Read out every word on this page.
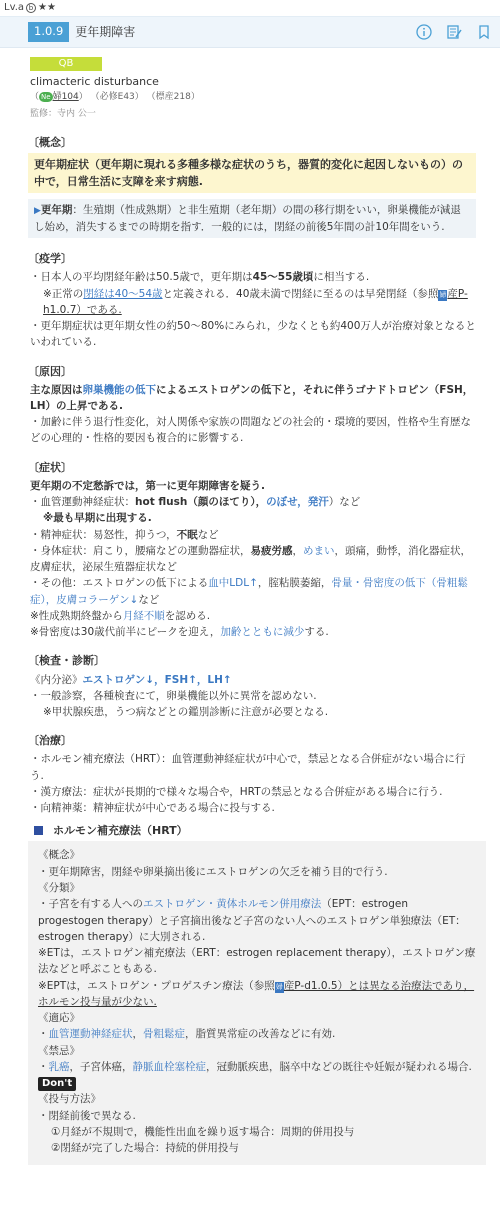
Lv.a b ★★
1.0.9	更年期障害
QB
climacteric disturbance
（ Ne 婦104） （必修E43） （標産218）
監修：寺内 公一
〔概念〕
更年期症状（更年期に現れる多種多様な症状のうち，器質的変化に起因しないもの）の中で，日常生活に支障を来す病態.
▶更年期：生殖期（性成熟期）と非生殖期（老年期）の間の移行期をいい，卵巣機能が減退し始め，消失するまでの時期を指す．一般的には，閉経の前後5年間の計10年間をいう.
〔疫学〕

・日本人の平均閉経年齢は50.5歳で，更年期は45〜55歳頃に相当する.

※正常の閉経は40〜54歳と定義される．40歳未満で閉経に至るのは早発閉経（参照婦産P-h1.0.7）である.

・更年期症状は更年期女性の約50〜80%にみられ，少なくとも約400万人が治療対象となるといわれている.

〔原因〕

主な原因は卵巣機能の低下によるエストロゲンの低下と，それに伴うゴナドトロピン（FSH，LH）の上昇である.

・加齢に伴う退行性変化，対人関係や家族の問題などの社会的・環境的要因，性格や生育歴などの心理的・性格的要因も複合的に影響する.

〔症状〕

更年期の不定愁訴では，第一に更年期障害を疑う.

・血管運動神経症状：hot flush（顔のほてり），のぼせ，発汗）など

※最も早期に出現する.

・精神症状：易怒性，抑うつ，不眠など

・身体症状：肩こり，腰痛などの運動器症状，易疲労感，めまい，頭痛，動悸，消化器症状，皮膚症状，泌尿生殖器症状など

・その他：エストロゲンの低下による血中LDL↑，腟粘膜萎縮，骨量・骨密度の低下（骨粗鬆症），皮膚コラーゲン↓など

※性成熟期終盤から月経不順を認める.

※骨密度は30歳代前半にピークを迎え，加齢とともに減少する.

〔検査・診断〕

《内分泌》エストロゲン↓，FSH↑，LH↑

・一般診察，各種検査にて，卵巣機能以外に異常を認めない.

※甲状腺疾患，うつ病などとの鑑別診断に注意が必要となる.

〔治療〕

・ホルモン補充療法（HRT）：血管運動神経症状が中心で，禁忌となる合併症がない場合に行う.

・漢方療法：症状が長期的で様々な場合や，HRTの禁忌となる合併症がある場合に行う.

・向精神薬：精神症状が中心である場合に投与する.

ホルモン補充療法（HRT）

《概念》

・更年期障害，閉経や卵巣摘出後にエストロゲンの欠乏を補う目的で行う.

《分類》

・子宮を有する人へのエストロゲン・黄体ホルモン併用療法（EPT：estrogen progestogen therapy）と子宮摘出後など子宮のない人へのエストロゲン単独療法（ET：estrogen therapy）に大別される.

※ETは，エストロゲン補充療法（ERT：estrogen replacement therapy），エストロゲン療法などと呼ぶこともある.

※EPTは，エストロゲン・プロゲスチン療法（参照婦産P-d1.0.5）とは異なる治療法であり，ホルモン投与量が少ない.

《適応》

・血管運動神経症状，骨粗鬆症，脂質異常症の改善などに有効.

《禁忌》

・乳癌，子宮体癌，静脈血栓塞栓症，冠動脈疾患，脳卒中などの既往や妊娠が疑われる場合. Don't

《投与方法》

・閉経前後で異なる.

①月経が不規則で，機能性出血を繰り返す場合：周期的併用投与

②閉経が完了した場合：持続的併用投与
